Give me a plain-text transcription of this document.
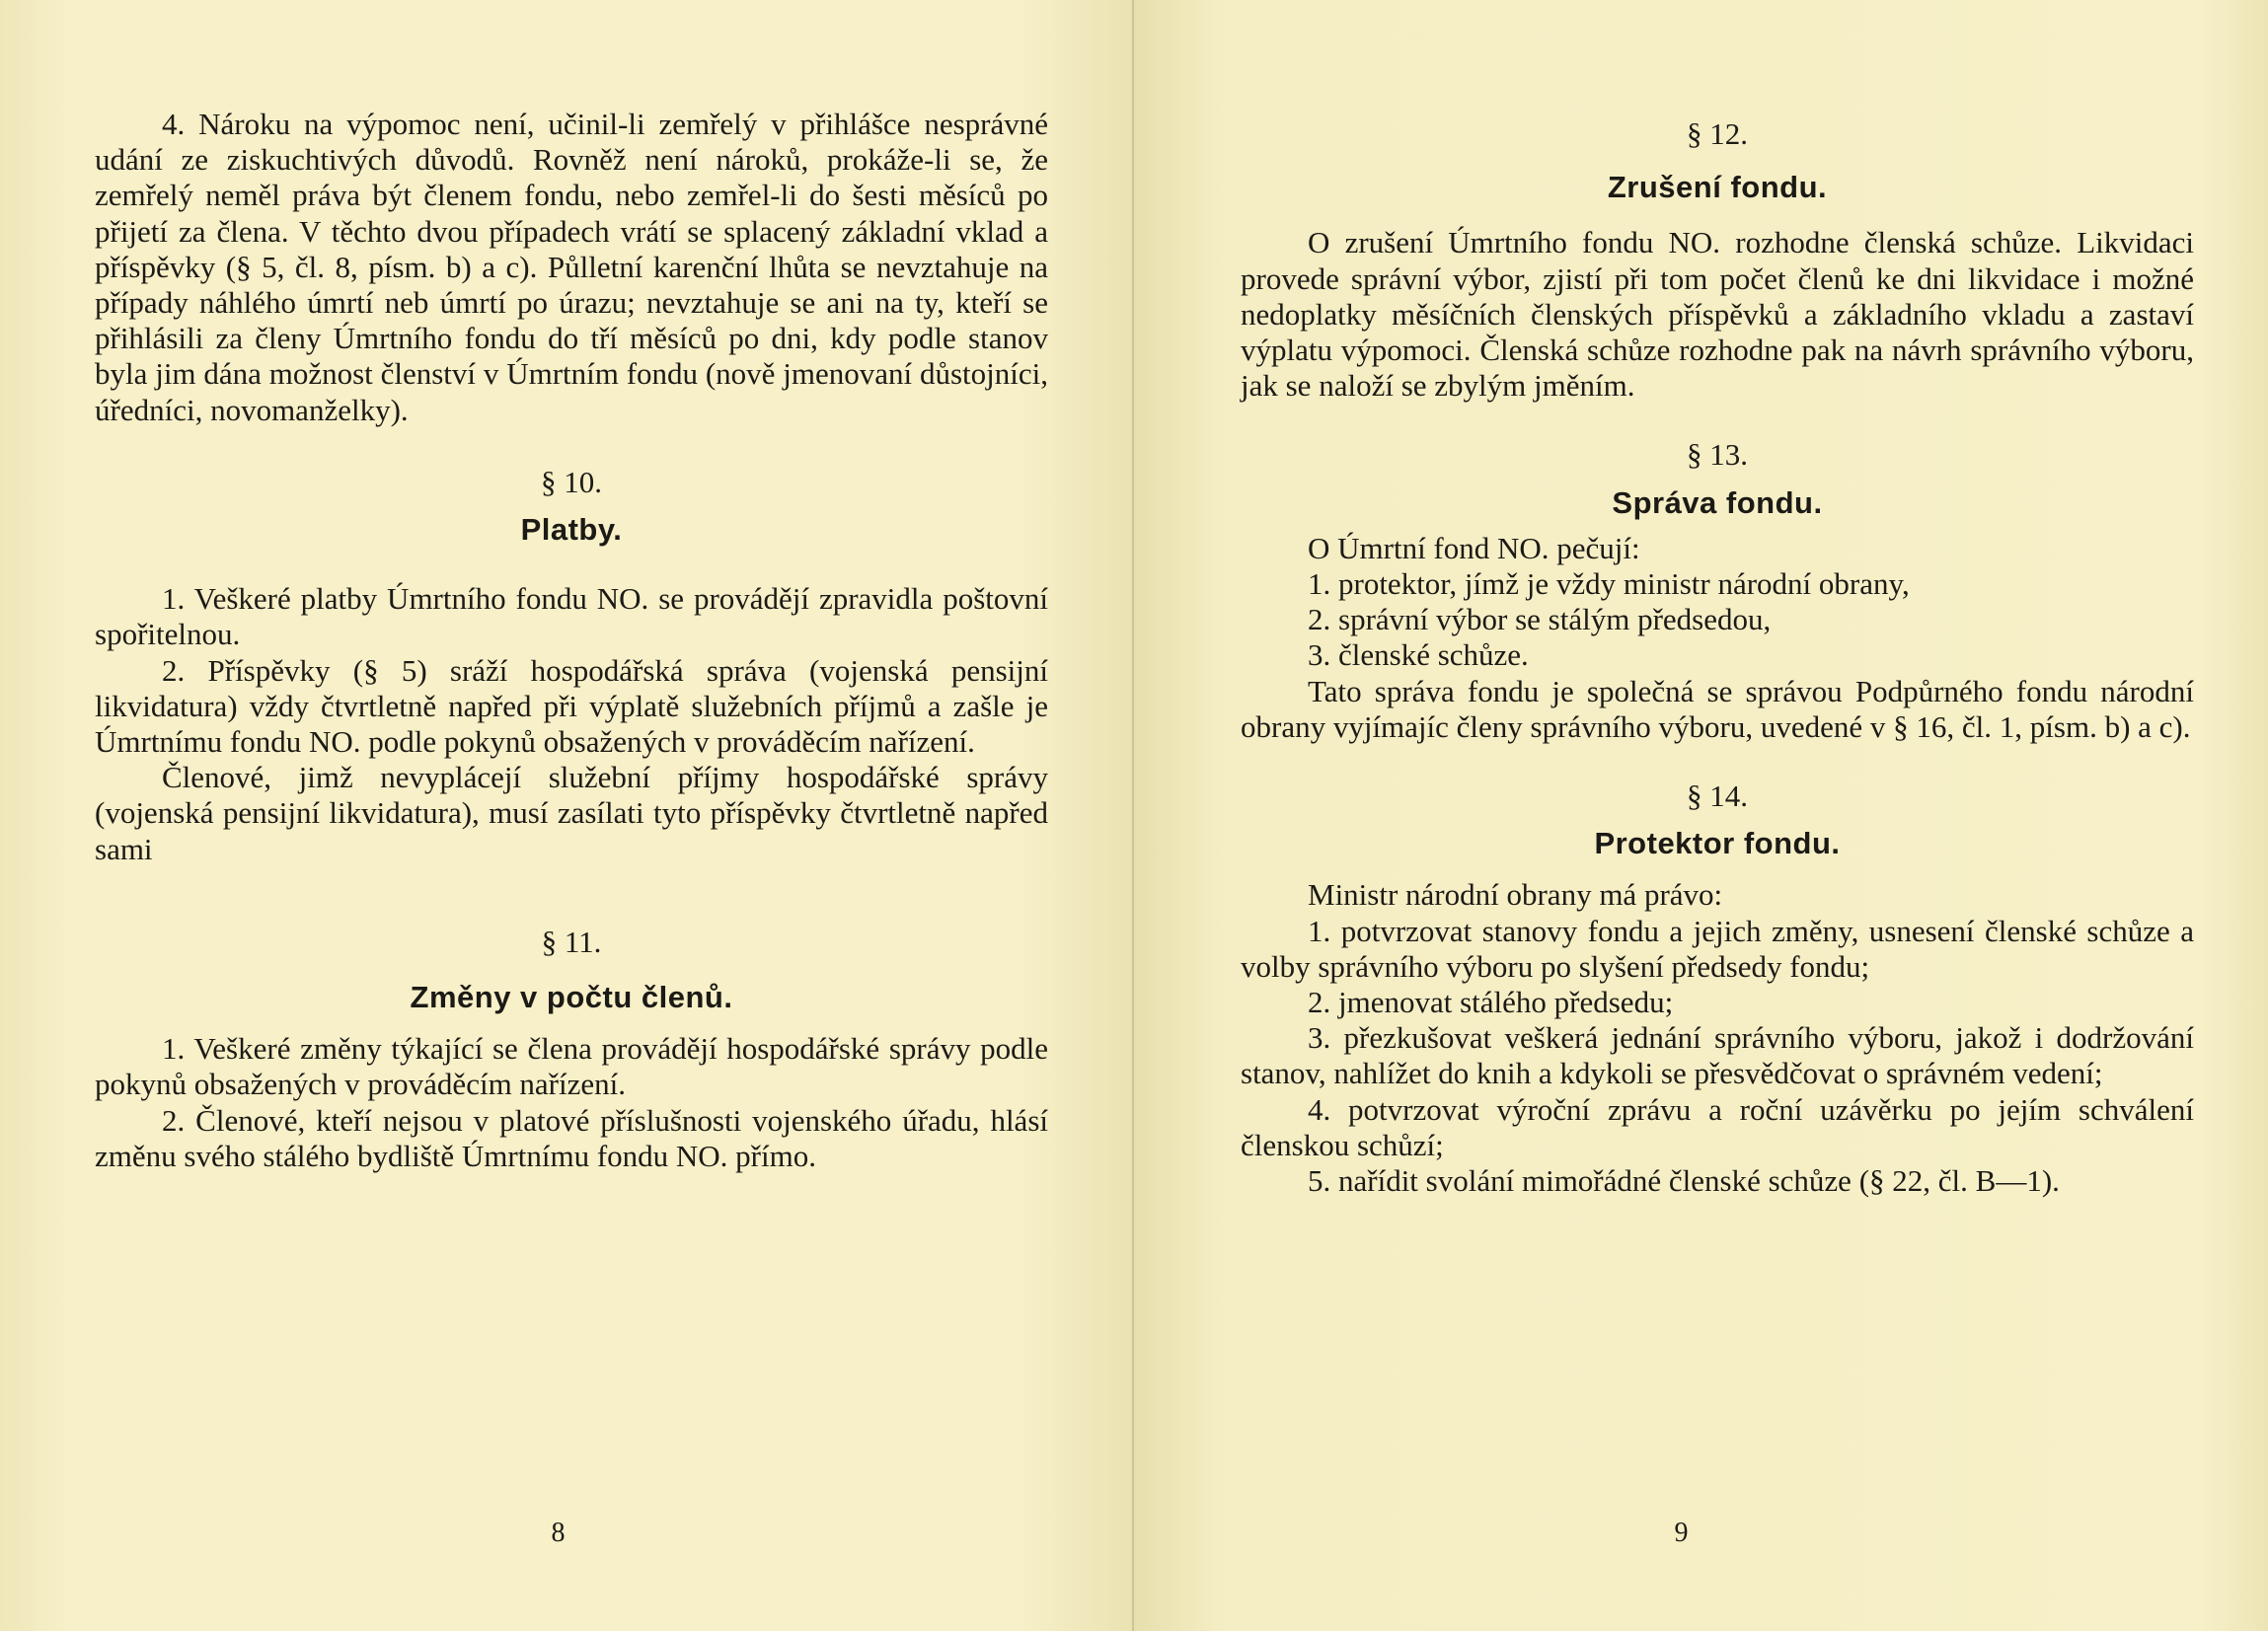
4. Nároku na výpomoc není, učinil-li zemřelý v přihlášce nesprávné udání ze ziskuchtivých důvodů. Rovněž není nároků, prokáže-li se, že zemřelý neměl práva být členem fondu, nebo zemřel-li do šesti měsíců po přijetí za člena. V těchto dvou případech vrátí se splacený základní vklad a příspěvky (§ 5, čl. 8, písm. b) a c). Půlletní karenční lhůta se nevztahuje na případy náhlého úmrtí neb úmrtí po úrazu; nevztahuje se ani na ty, kteří se přihlásili za členy Úmrtního fondu do tří měsíců po dni, kdy podle stanov byla jim dána možnost členství v Úmrtním fondu (nově jmenovaní důstojníci, úředníci, novomanželky).

§ 10.

Platby.

1. Veškeré platby Úmrtního fondu NO. se provádějí zpravidla poštovní spořitelnou.

2. Příspěvky (§ 5) sráží hospodářská správa (vojenská pensijní likvidatura) vždy čtvrtletně napřed při výplatě služebních příjmů a zašle je Úmrtnímu fondu NO. podle pokynů obsažených v prováděcím nařízení.

Členové, jimž nevyplácejí služební příjmy hospodářské správy (vojenská pensijní likvidatura), musí zasílati tyto příspěvky čtvrtletně napřed sami

§ 11.

Změny v počtu členů.

1. Veškeré změny týkající se člena provádějí hospodářské správy podle pokynů obsažených v prováděcím nařízení.

2. Členové, kteří nejsou v platové příslušnosti vojenského úřadu, hlásí změnu svého stálého bydliště Úmrtnímu fondu NO. přímo.

8

§ 12.

Zrušení fondu.

O zrušení Úmrtního fondu NO. rozhodne členská schůze. Likvidaci provede správní výbor, zjistí při tom počet členů ke dni likvidace i možné nedoplatky měsíčních členských příspěvků a základního vkladu a zastaví výplatu výpomoci. Členská schůze rozhodne pak na návrh správního výboru, jak se naloží se zbylým jměním.

§ 13.

Správa fondu.

O Úmrtní fond NO. pečují:

1. protektor, jímž je vždy ministr národní obrany,

2. správní výbor se stálým předsedou,

3. členské schůze.

Tato správa fondu je společná se správou Podpůrného fondu národní obrany vyjímajíc členy správního výboru, uvedené v § 16, čl. 1, písm. b) a c).

§ 14.

Protektor fondu.

Ministr národní obrany má právo:

1. potvrzovat stanovy fondu a jejich změny, usnesení členské schůze a volby správního výboru po slyšení předsedy fondu;

2. jmenovat stálého předsedu;

3. přezkušovat veškerá jednání správního výboru, jakož i dodržování stanov, nahlížet do knih a kdykoli se přesvědčovat o správném vedení;

4. potvrzovat výroční zprávu a roční uzávěrku po jejím schválení členskou schůzí;

5. nařídit svolání mimořádné členské schůze (§ 22, čl. B—1).

9
